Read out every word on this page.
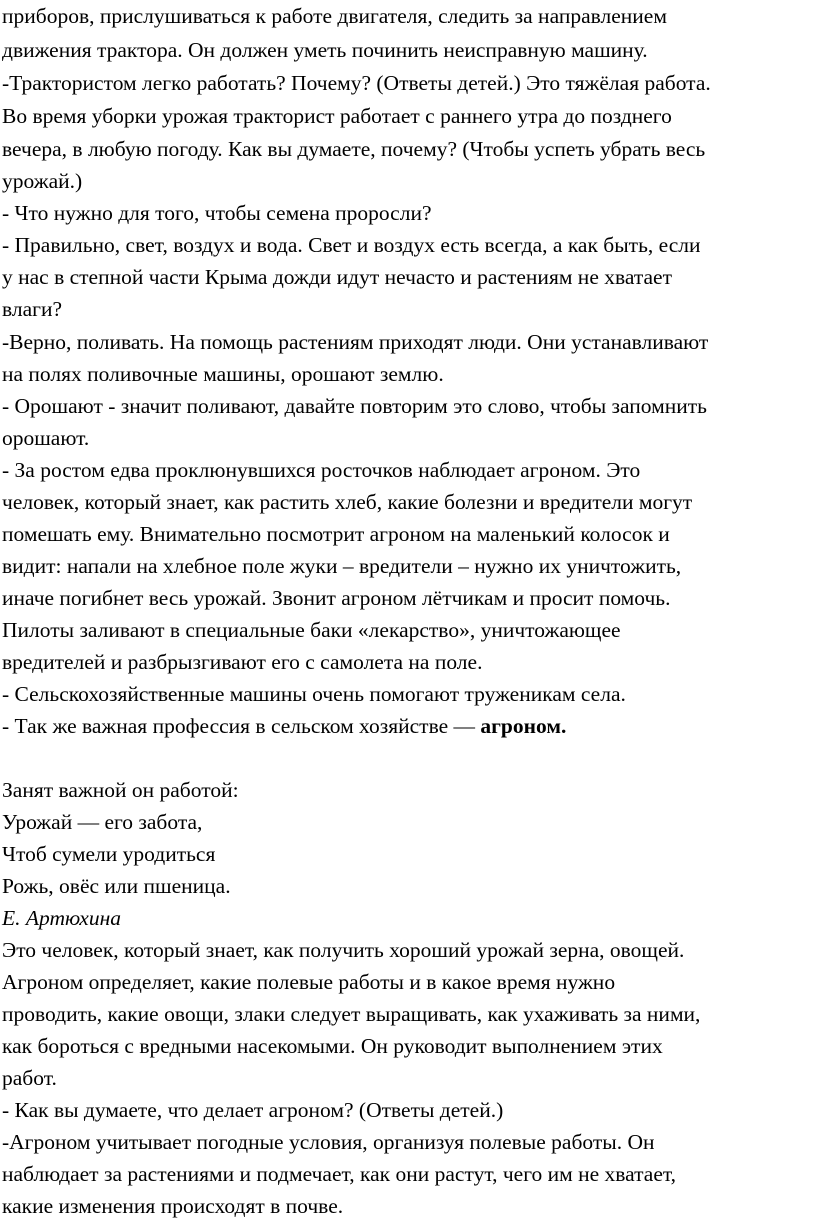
приборов, прислушиваться к работе двигателя, следить за направлением

движения трактора. Он должен уметь починить неисправную машину.

-Трактористом легко работать? Почему? (Ответы детей.) Это тяжёлая работа.

Во время уборки урожая тракторист работает с раннего утра до позднего

вечера, в любую погоду. Как вы думаете, почему? (Чтобы успеть убрать весь

урожай.)

- Что нужно для того, чтобы семена проросли?

- Правильно, свет, воздух и вода. Свет и воздух есть всегда, а как быть, если

у нас в степной части Крыма дожди идут нечасто и растениям не хватает

влаги?

-Верно, поливать. На помощь растениям приходят люди. Они устанавливают

на полях поливочные машины, орошают землю.

- Орошают - значит поливают, давайте повторим это слово, чтобы запомнить

орошают.

- За ростом едва проклюнувшихся росточков наблюдает агроном. Это

человек, который знает, как растить хлеб, какие болезни и вредители могут

помешать ему. Внимательно посмотрит агроном на маленький колосок и

видит: напали на хлебное поле жуки – вредители – нужно их уничтожить,

иначе погибнет весь урожай. Звонит агроном лётчикам и просит помочь.

Пилоты заливают в специальные баки «лекарство», уничтожающее

вредителей и разбрызгивают его с самолета на поле.

- Сельскохозяйственные машины очень помогают труженикам села.

- Так же важная профессия в сельском хозяйстве — агроном.

Занят важной он работой:

Урожай — его забота,

Чтоб сумели уродиться

Рожь, овёс или пшеница.

Е. Артюхина

Это человек, который знает, как получить хороший урожай зерна, овощей.

Агроном определяет, какие полевые работы и в какое время нужно

проводить, какие овощи, злаки следует выращивать, как ухаживать за ними,

как бороться с вредными насекомыми. Он руководит выполнением этих

работ.

- Как вы думаете, что делает агроном? (Ответы детей.)

-Агроном учитывает погодные условия, организуя полевые работы. Он

наблюдает за растениями и подмечает, как они растут, чего им не хватает,

какие изменения происходят в почве.
